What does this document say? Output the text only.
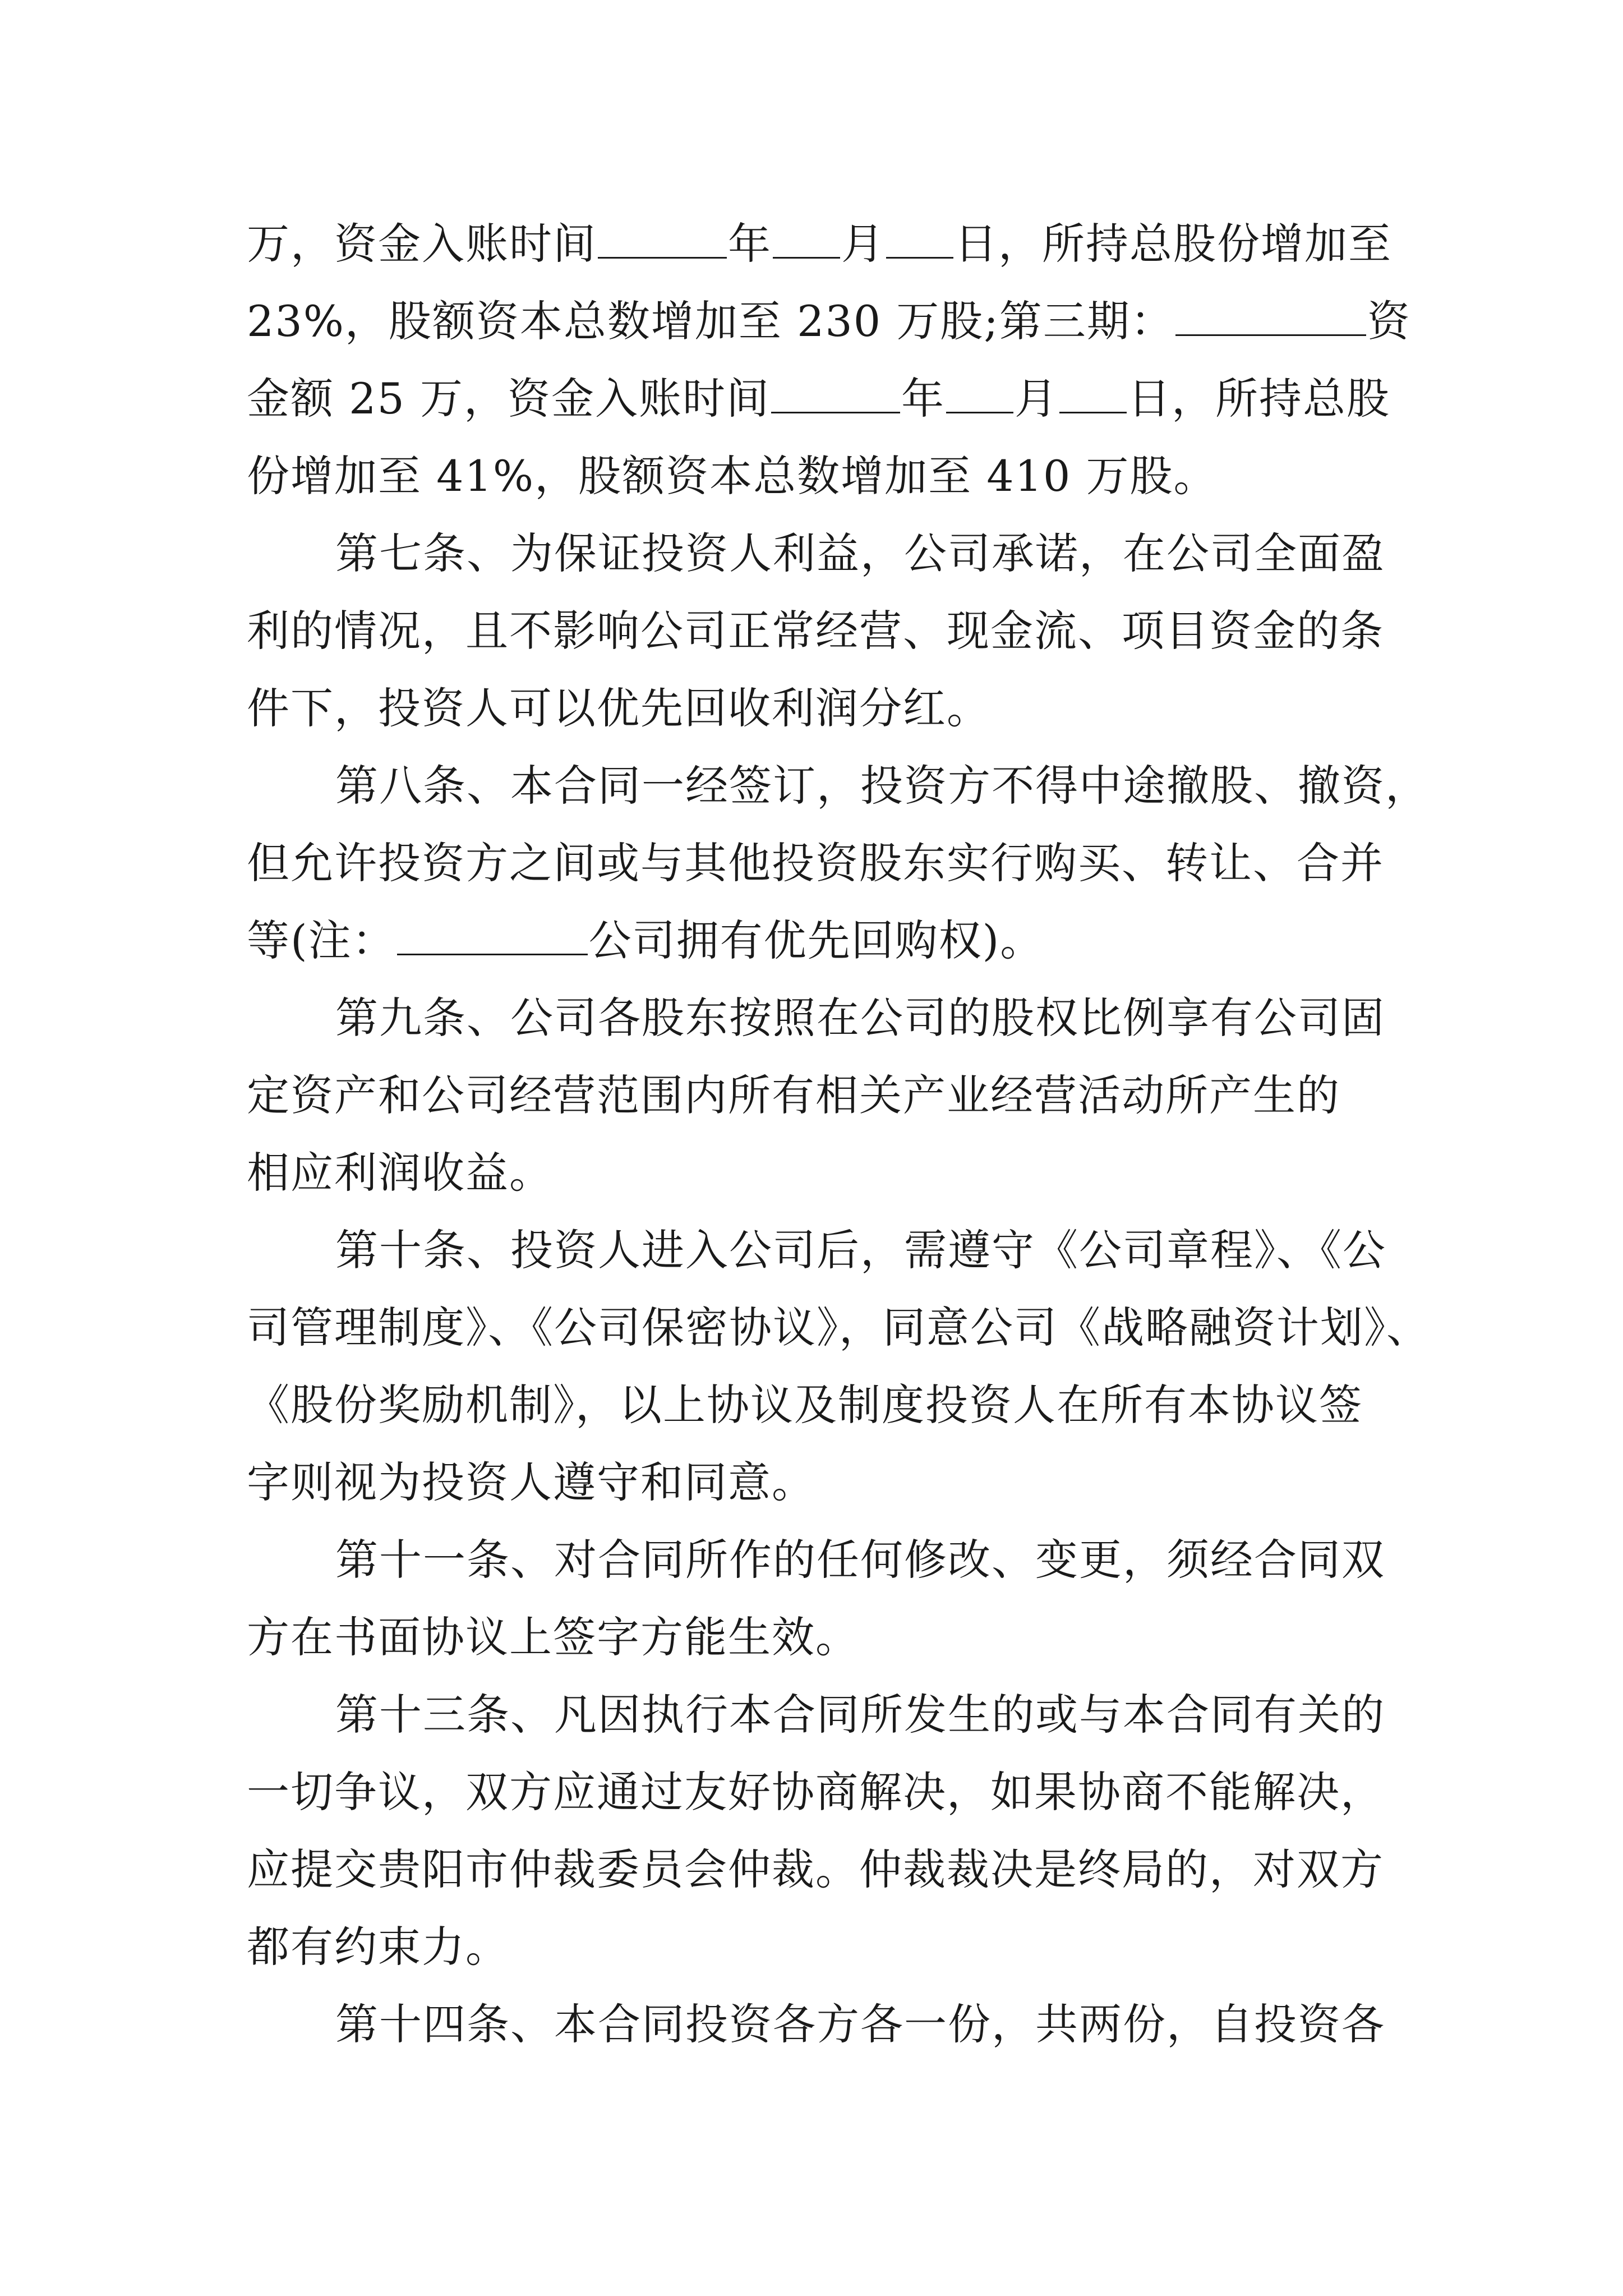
万，资金入账时间	年 月 日，所持总股份增加至
23%，股额资本总数增加至 230 万股;第三期：	资
金额 25 万，资金入账时间	年 月 日，所持总股
份增加至 41%，股额资本总数增加至 410 万股。
第七条、为保证投资人利益，公司承诺，在公司全面盈
利的情况，且不影响公司正常经营、现金流、项目资金的条
件下，投资人可以优先回收利润分红。
第八条、本合同一经签订，投资方不得中途撤股、撤资，
但允许投资方之间或与其他投资股东实行购买、转让、合并
等(注：	公司拥有优先回购权)。
第九条、公司各股东按照在公司的股权比例享有公司固
定资产和公司经营范围内所有相关产业经营活动所产生的
相应利润收益。
第十条、投资人进入公司后，需遵守《公司章程》、《公
司管理制度》、《公司保密协议》，同意公司《战略融资计划》、
《股份奖励机制》，以上协议及制度投资人在所有本协议签
字则视为投资人遵守和同意。
第十一条、对合同所作的任何修改、变更，须经合同双
方在书面协议上签字方能生效。
第十三条、凡因执行本合同所发生的或与本合同有关的
一切争议，双方应通过友好协商解决，如果协商不能解决，
应提交贵阳市仲裁委员会仲裁。仲裁裁决是终局的，对双方
都有约束力。
第十四条、本合同投资各方各一份，共两份，自投资各
